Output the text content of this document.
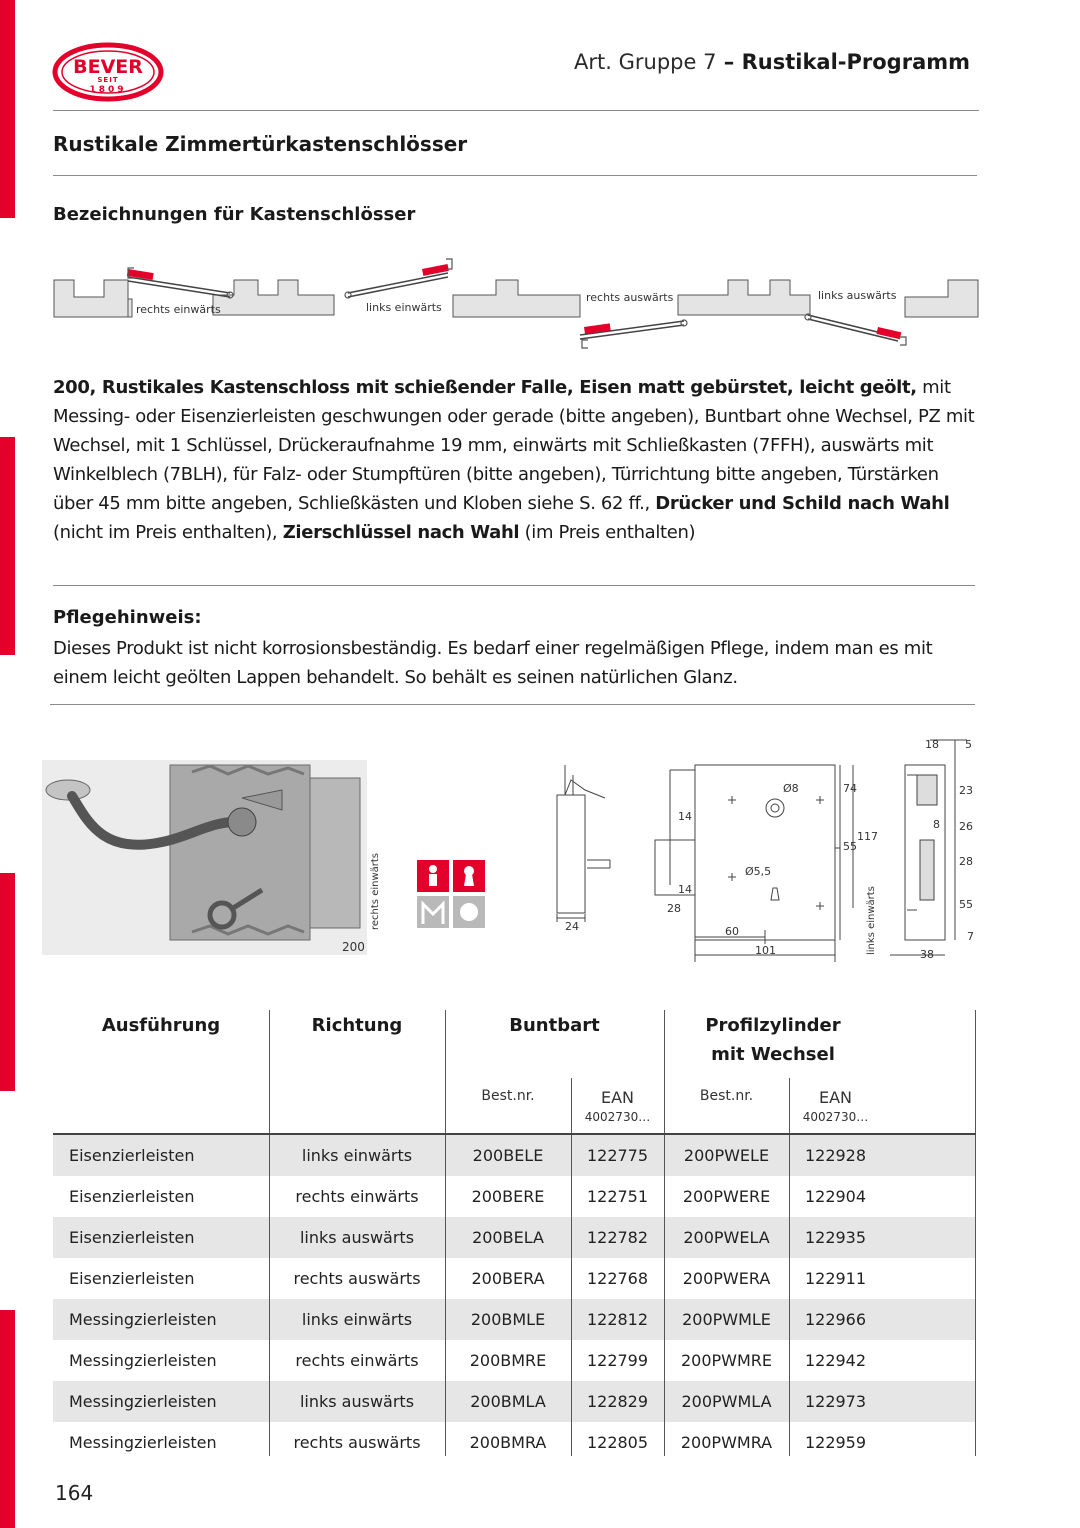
BEVER
SEIT
1809
Art. Gruppe 7 – Rustikal-Programm
Rustikale Zimmertürkastenschlösser
Bezeichnungen für Kastenschlösser
rechts einwärts	links einwärts
rechts auswärts	links auswärts
200, Rustikales Kastenschloss mit schießender Falle, Eisen matt gebürstet, leicht geölt, mit Messing- oder Eisenzierleisten geschwungen oder gerade (bitte angeben), Buntbart ohne Wechsel, PZ mit Wechsel, mit 1 Schlüssel, Drückeraufnahme 19 mm, einwärts mit Schließkasten (7FFH), auswärts mit Winkelblech (7BLH), für Falz- oder Stumpftüren (bitte angeben), Türrichtung bitte angeben, Türstärken über 45 mm bitte angeben, Schließkästen und Kloben siehe S. 62 ff., Drücker und Schild nach Wahl (nicht im Preis enthalten), Zierschlüssel nach Wahl (im Preis enthalten)
Pflegehinweis:
Dieses Produkt ist nicht korrosionsbeständig. Es bedarf einer regelmäßigen Pflege, indem man es mit einem leicht geölten Lappen behandelt. So behält es seinen natürlichen Glanz.
200
rechts einwärts	24
18 5
Ø8
Ø5,5
14
14
28
60
101
55
117
74	23
8 26
28
55
7
38
links einwärts
Messingzierleisten	rechts auswärts	200BMRA	122805	200PWMRA	122959
Messingzierleisten	links auswärts	200BMLA	122829	200PWMLA	122973
Messingzierleisten	rechts einwärts	200BMRE	122799	200PWMRE	122942
Messingzierleisten	links einwärts	200BMLE	122812	200PWMLE	122966
Eisenzierleisten	rechts auswärts	200BERA	122768	200PWERA	122911
Eisenzierleisten	links auswärts	200BELA	122782	200PWELA	122935
Eisenzierleisten	rechts einwärts	200BERE	122751	200PWERE	122904
Eisenzierleisten	links einwärts	200BELE	122775	200PWELE	122928
Ausführung	Richtung	Buntbart	Profilzylinder
mit Wechsel
Best.nr.	EAN
4002730…
Best.nr.	EAN
4002730…
164
